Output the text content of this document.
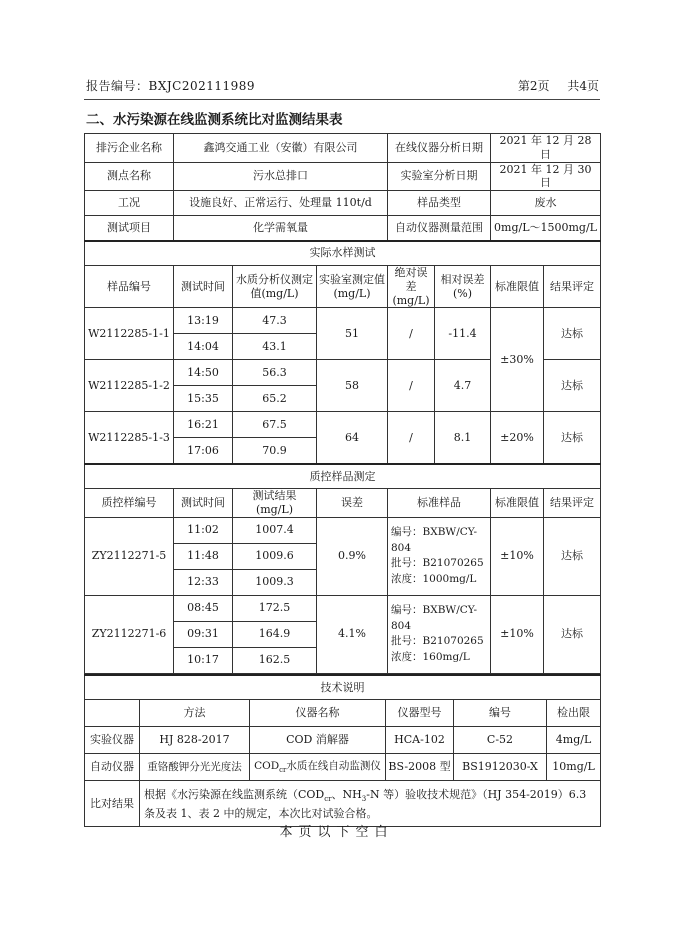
报告编号：BXJC202111989	第2页 共4页
二、水污染源在线监测系统比对监测结果表
排污企业名称	鑫鸿交通工业（安徽）有限公司			在线仪器分析日期		2021 年 12 月 28 日	
测点名称	污水总排口			实验室分析日期		2021 年 12 月 30 日	
工况	设施良好、正常运行、处理量 110t/d			样品类型		废水	
测试项目	化学需氧量			自动仪器测量范围		0mg/L～1500mg/L	
实际水样测试							
样品编号	测试时间	水质分析仪测定值(mg/L)	实验室测定值(mg/L)	绝对误差(mg/L)	相对误差(%)	标准限值	结果评定
W2112285-1-1	13:19	47.3	51	/	-11.4	±30%	达标
	14:04	43.1					
W2112285-1-2	14:50	56.3	58	/	4.7		达标
	15:35	65.2					
W2112285-1-3	16:21	67.5	64	/	8.1	±20%	达标
	17:06	70.9					
质控样品测定							
质控样编号	测试时间	测试结果(mg/L)	误差	标准样品		标准限值	结果评定
ZY2112271-5	11:02	1007.4	0.9%	编号：BXBW/CY-804
批号：B21070265
浓度：1000mg/L		±10%	达标
	11:48	1009.6					
	12:33	1009.3					
ZY2112271-6	08:45	172.5	4.1%	编号：BXBW/CY-804
批号：B21070265
浓度：160mg/L		±10%	达标
	09:31	164.9					
	10:17	162.5					
技术说明					
	方法	仪器名称	仪器型号	编号	检出限
实验仪器	HJ 828-2017	COD 消解器	HCA-102	C-52	4mg/L
自动仪器	重铬酸钾分光光度法	$COD_{cr}$水质在线自动监测仪	BS-2008 型	BS1912030-X	10mg/L
比对结果	根据《水污染源在线监测系统（$COD_{cr}$、$NH_3-N$ 等）验收技术规范》（HJ 354-2019）6.3 条及表 1、表 2 中的规定，本次比对试验合格。				
本页以下空白
